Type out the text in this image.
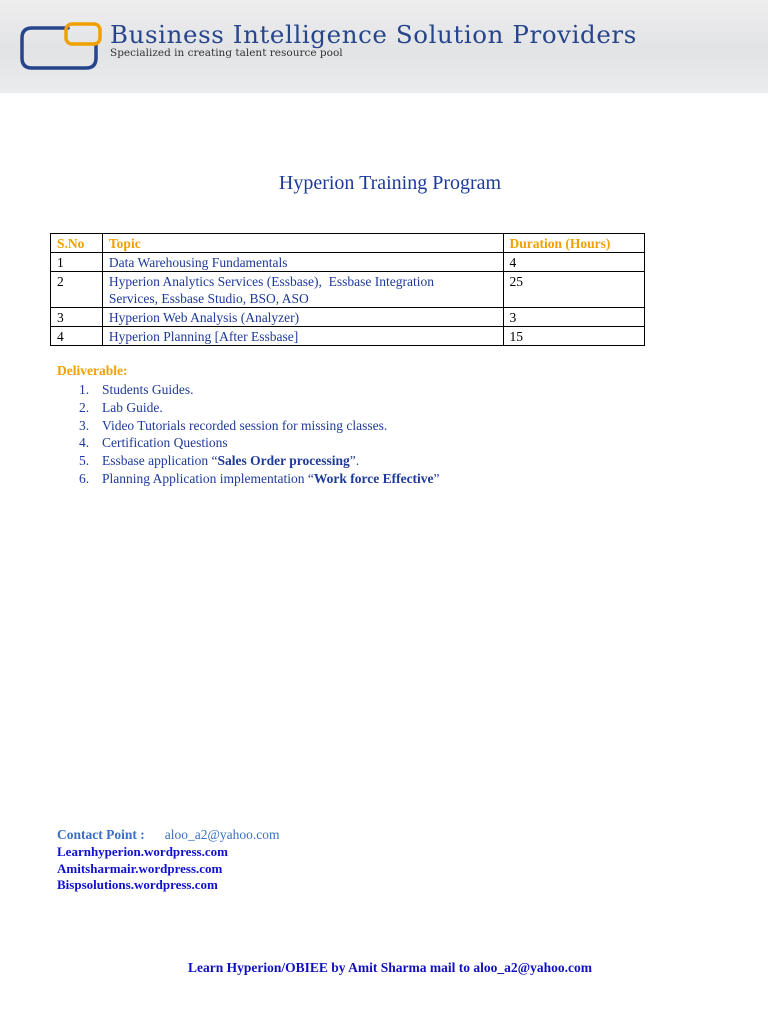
Business Intelligence Solution Providers
Specialized in creating talent resource pool
Hyperion Training Program
S.No	Topic	Duration (Hours)
1	Data Warehousing Fundamentals	4
2	Hyperion Analytics Services (Essbase),  Essbase Integration
Services, Essbase Studio, BSO, ASO	25
3	Hyperion Web Analysis (Analyzer)	3
4	Hyperion Planning [After Essbase]	15
Deliverable:
1. Students Guides.
2. Lab Guide.
3. Video Tutorials recorded session for missing classes.
4. Certification Questions
5. Essbase application “Sales Order processing”.
6. Planning Application implementation “Work force Effective”
Contact Point : aloo_a2@yahoo.com
Learnhyperion.wordpress.com
Amitsharmair.wordpress.com
Bispsolutions.wordpress.com
Learn Hyperion/OBIEE by Amit Sharma mail to aloo_a2@yahoo.com
